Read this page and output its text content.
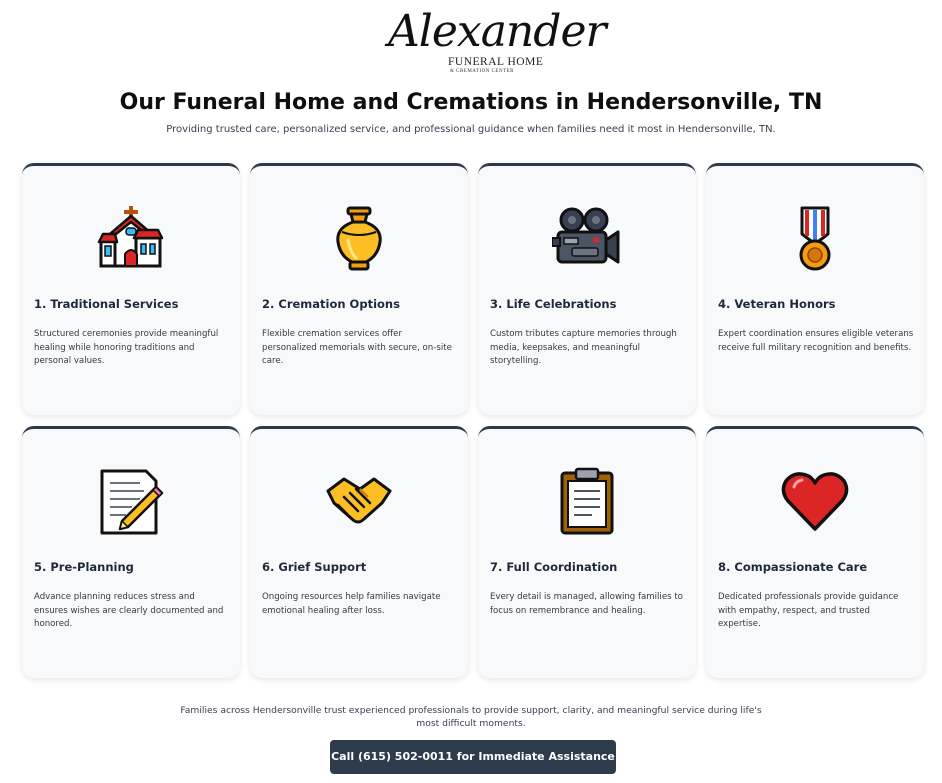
Alexander
FUNERAL HOME
& CREMATION CENTER
Our Funeral Home and Cremations in Hendersonville, TN

Providing trusted care, personalized service, and professional guidance when families need it most in Hendersonville, TN.

1. Traditional Services
Structured ceremonies provide meaningful healing while honoring traditions and personal values.
2. Cremation Options
Flexible cremation services offer personalized memorials with secure, on-site care.
3. Life Celebrations
Custom tributes capture memories through media, keepsakes, and meaningful storytelling.
4. Veteran Honors
Expert coordination ensures eligible veterans receive full military recognition and benefits.
5. Pre-Planning
Advance planning reduces stress and ensures wishes are clearly documented and honored.
6. Grief Support
Ongoing resources help families navigate emotional healing after loss.
7. Full Coordination
Every detail is managed, allowing families to focus on remembrance and healing.
8. Compassionate Care
Dedicated professionals provide guidance with empathy, respect, and trusted expertise.

Families across Hendersonville trust experienced professionals to provide support, clarity, and meaningful service during life's most difficult moments.

Call (615) 502-0011 for Immediate Assistance
